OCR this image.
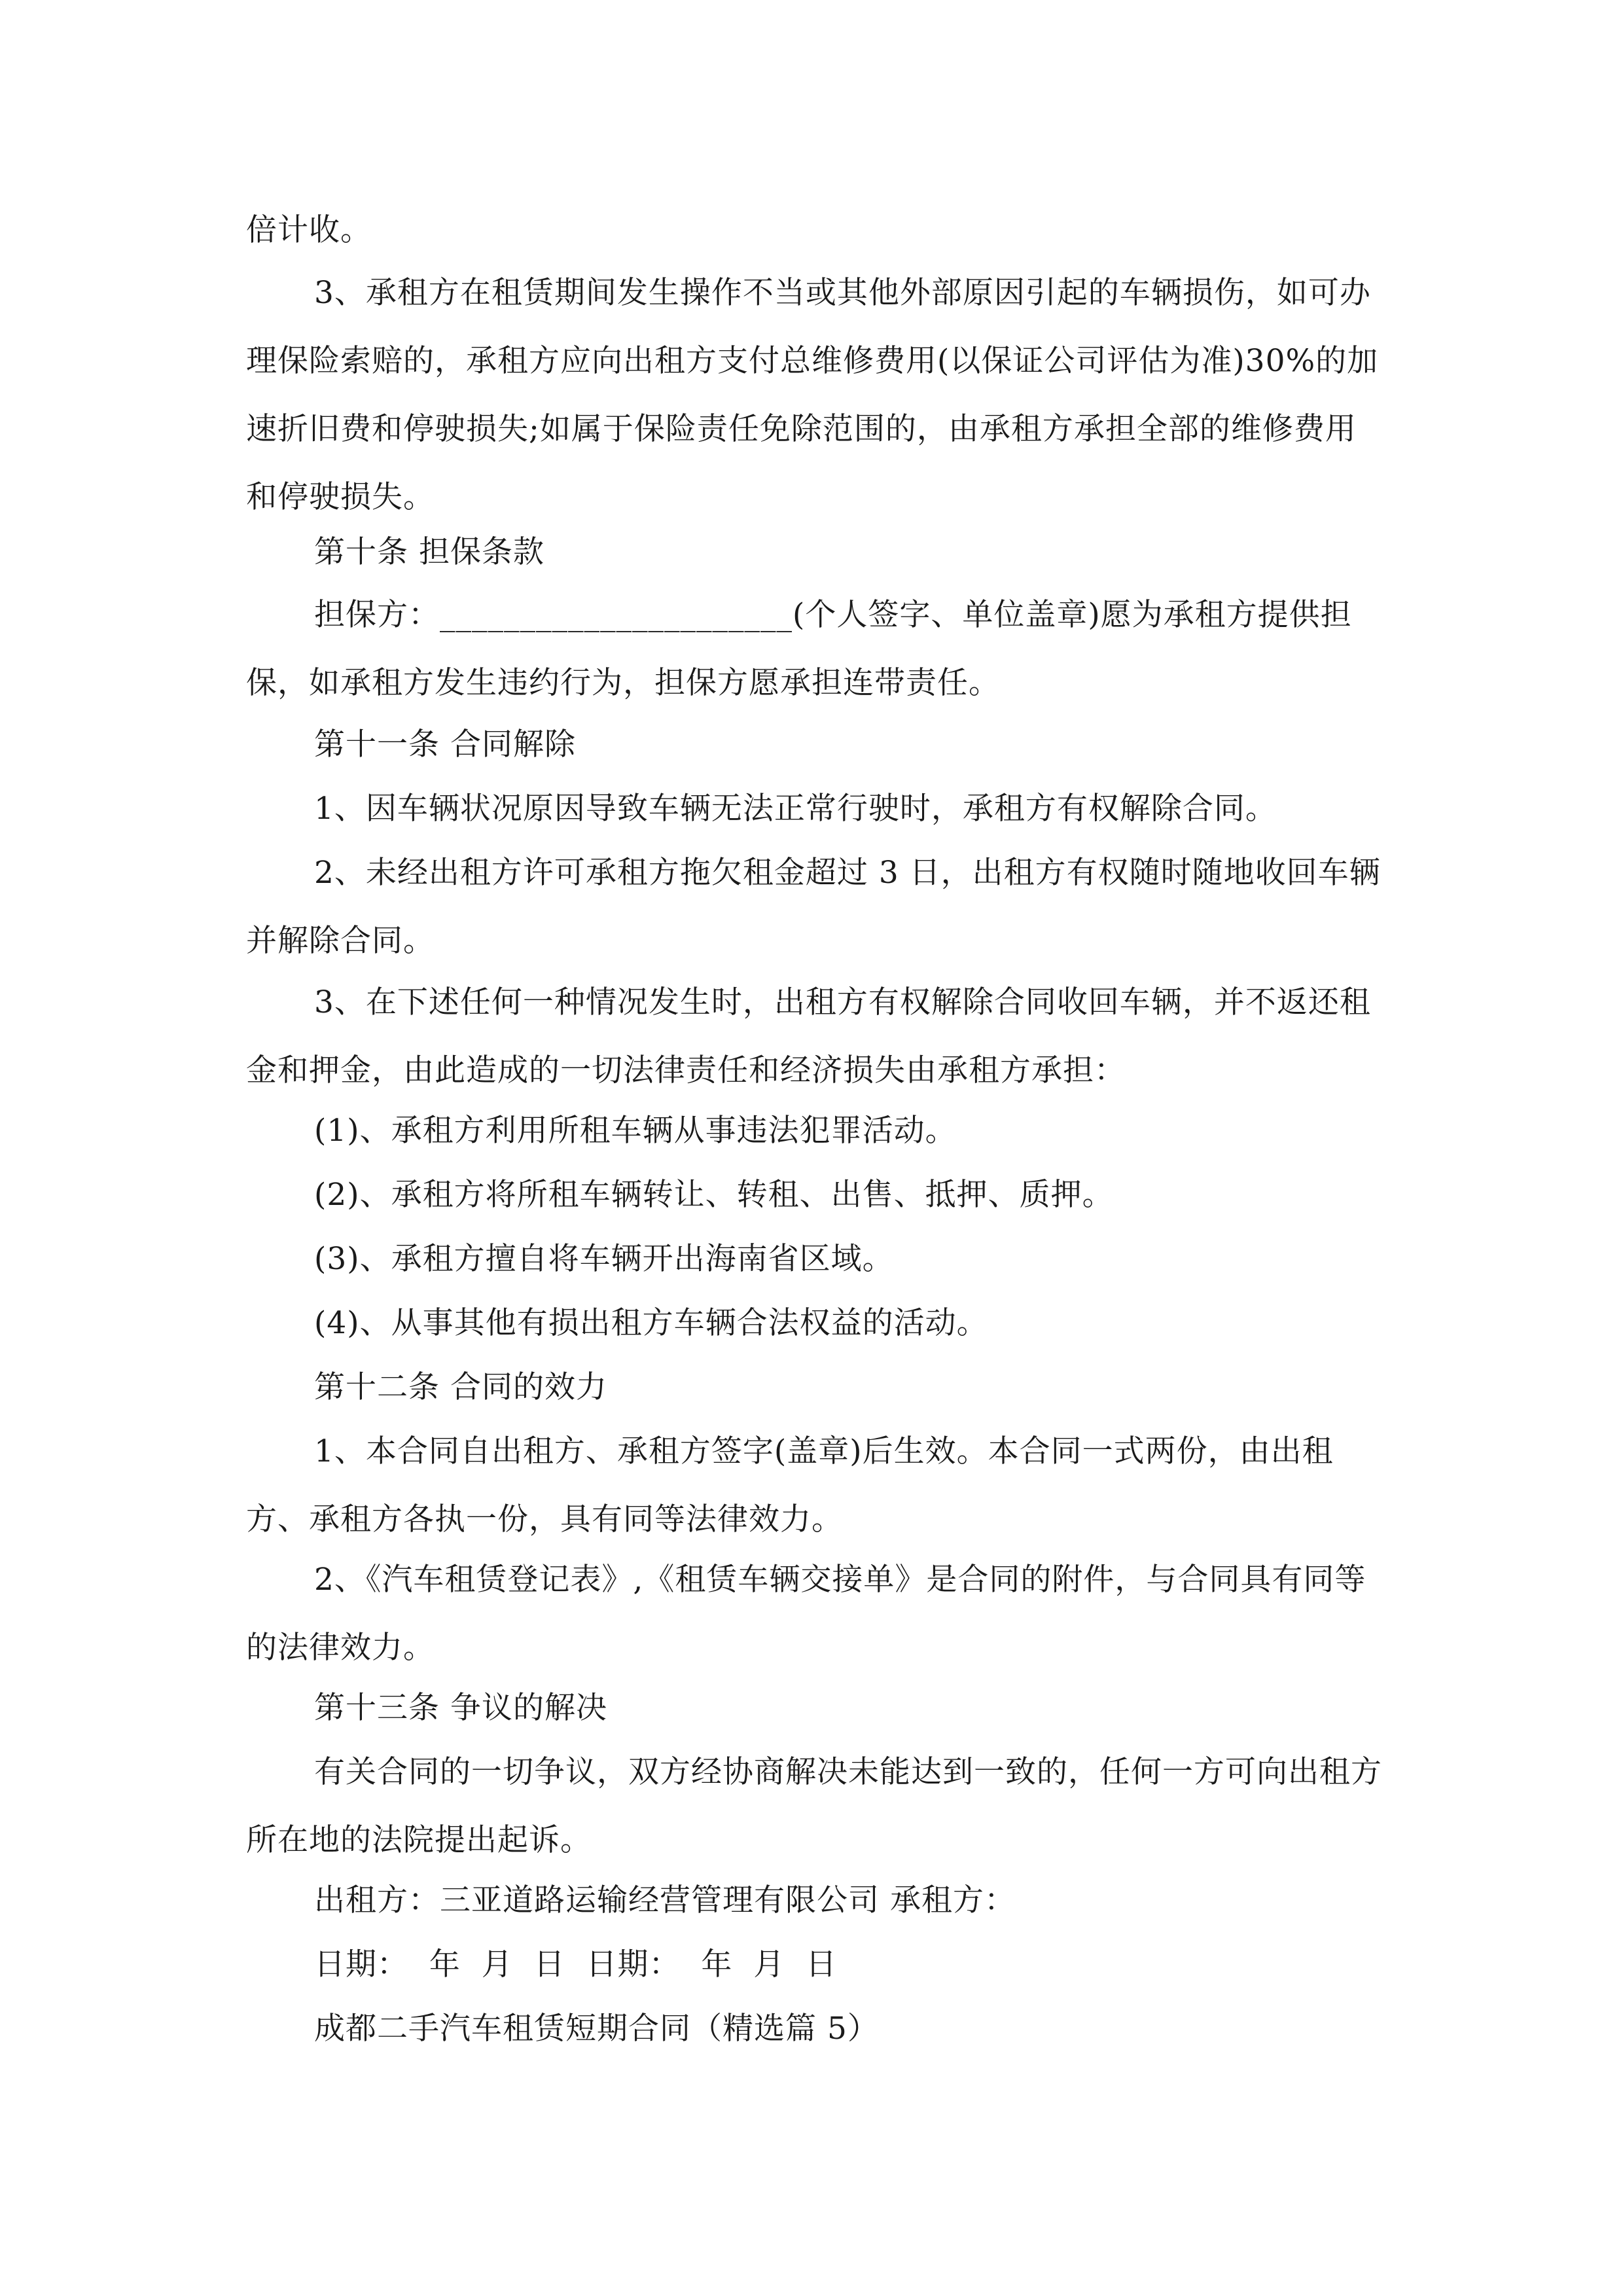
倍计收。

3、承租方在租赁期间发生操作不当或其他外部原因引起的车辆损伤，如可办理保险索赔的，承租方应向出租方支付总维修费用(以保证公司评估为准)30%的加速折旧费和停驶损失;如属于保险责任免除范围的，由承租方承担全部的维修费用和停驶损失。

第十条 担保条款

担保方：______________________(个人签字、单位盖章)愿为承租方提供担保，如承租方发生违约行为，担保方愿承担连带责任。

第十一条 合同解除

1、因车辆状况原因导致车辆无法正常行驶时，承租方有权解除合同。

2、未经出租方许可承租方拖欠租金超过 3 日，出租方有权随时随地收回车辆并解除合同。

3、在下述任何一种情况发生时，出租方有权解除合同收回车辆，并不返还租金和押金，由此造成的一切法律责任和经济损失由承租方承担：

(1)、承租方利用所租车辆从事违法犯罪活动。

(2)、承租方将所租车辆转让、转租、出售、抵押、质押。

(3)、承租方擅自将车辆开出海南省区域。

(4)、从事其他有损出租方车辆合法权益的活动。

第十二条 合同的效力

1、本合同自出租方、承租方签字(盖章)后生效。本合同一式两份，由出租方、承租方各执一份，具有同等法律效力。

2、《汽车租赁登记表》,《租赁车辆交接单》是合同的附件，与合同具有同等的法律效力。

第十三条 争议的解决

有关合同的一切争议，双方经协商解决未能达到一致的，任何一方可向出租方所在地的法院提出起诉。

出租方：三亚道路运输经营管理有限公司 承租方：

日期：  年  月  日  日期：  年  月  日

成都二手汽车租赁短期合同（精选篇 5）
